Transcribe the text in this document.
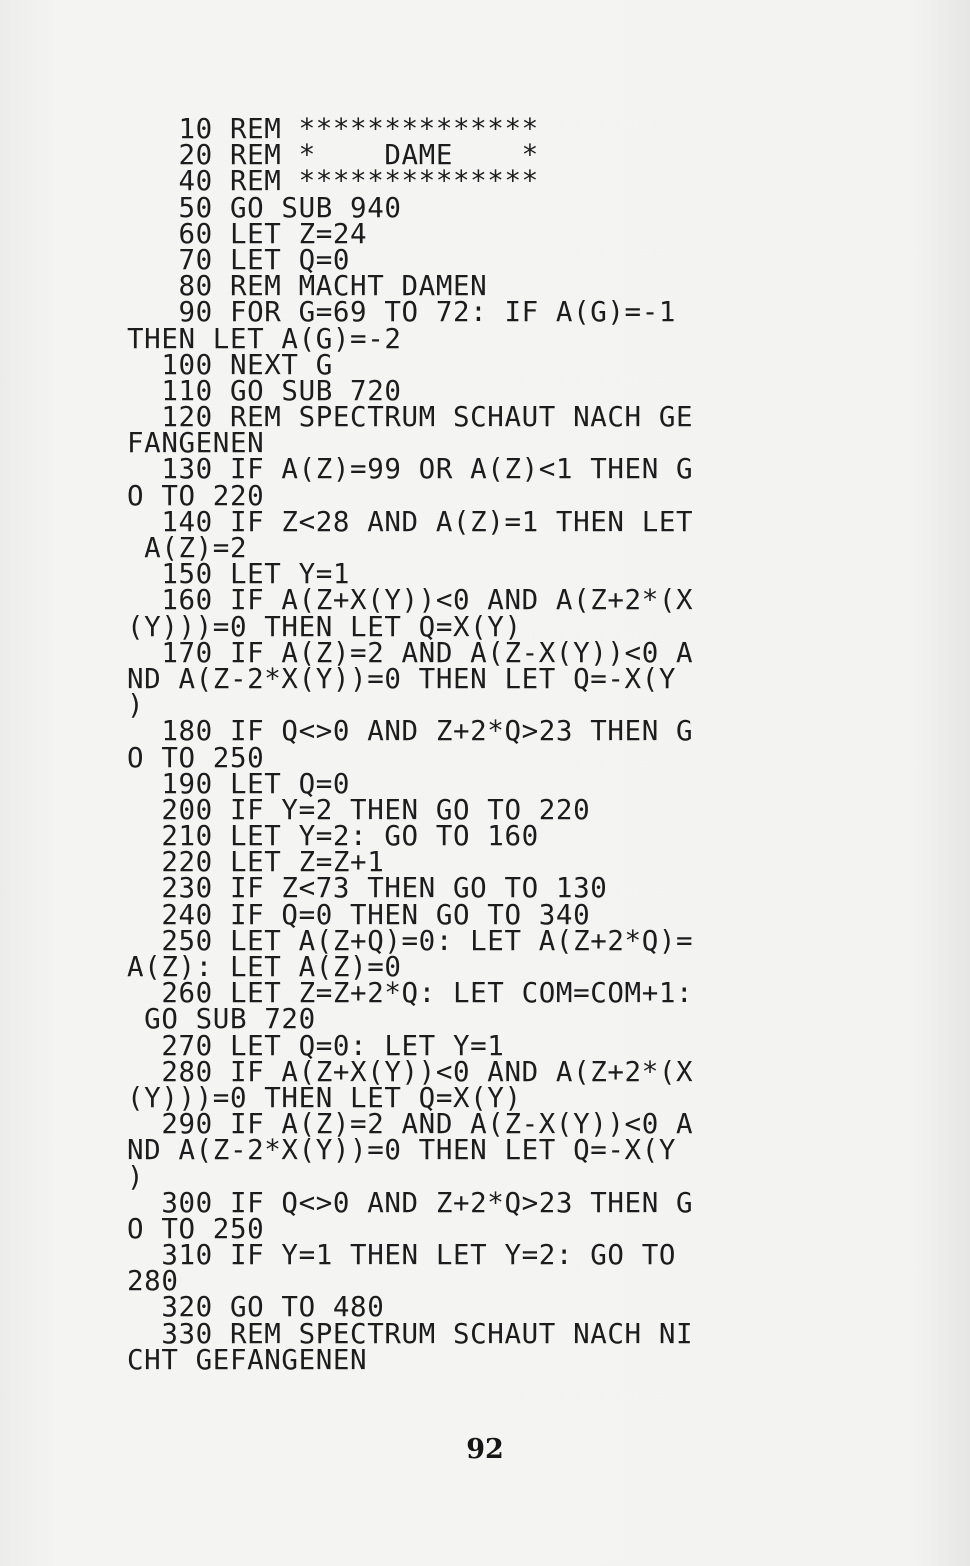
10 REM **************
20 REM *    DAME    *
40 REM **************
50 GO SUB 940
60 LET Z=24
70 LET Q=0
80 REM MACHT DAMEN
90 FOR G=69 TO 72: IF A(G)=-1
THEN LET A(G)=-2
100 NEXT G
110 GO SUB 720
120 REM SPECTRUM SCHAUT NACH GE
FANGENEN
130 IF A(Z)=99 OR A(Z)<1 THEN G
O TO 220
140 IF Z<28 AND A(Z)=1 THEN LET
A(Z)=2
150 LET Y=1
160 IF A(Z+X(Y))<0 AND A(Z+2*(X
(Y)))=0 THEN LET Q=X(Y)
170 IF A(Z)=2 AND A(Z-X(Y))<0 A
ND A(Z-2*X(Y))=0 THEN LET Q=-X(Y
)
180 IF Q<>0 AND Z+2*Q>23 THEN G
O TO 250
190 LET Q=0
200 IF Y=2 THEN GO TO 220
210 LET Y=2: GO TO 160
220 LET Z=Z+1
230 IF Z<73 THEN GO TO 130
240 IF Q=0 THEN GO TO 340
250 LET A(Z+Q)=0: LET A(Z+2*Q)=
A(Z): LET A(Z)=0
260 LET Z=Z+2*Q: LET COM=COM+1:
GO SUB 720
270 LET Q=0: LET Y=1
280 IF A(Z+X(Y))<0 AND A(Z+2*(X
(Y)))=0 THEN LET Q=X(Y)
290 IF A(Z)=2 AND A(Z-X(Y))<0 A
ND A(Z-2*X(Y))=0 THEN LET Q=-X(Y
)
300 IF Q<>0 AND Z+2*Q>23 THEN G
O TO 250
310 IF Y=1 THEN LET Y=2: GO TO
280
320 GO TO 480
330 REM SPECTRUM SCHAUT NACH NI
CHT GEFANGENEN
92
